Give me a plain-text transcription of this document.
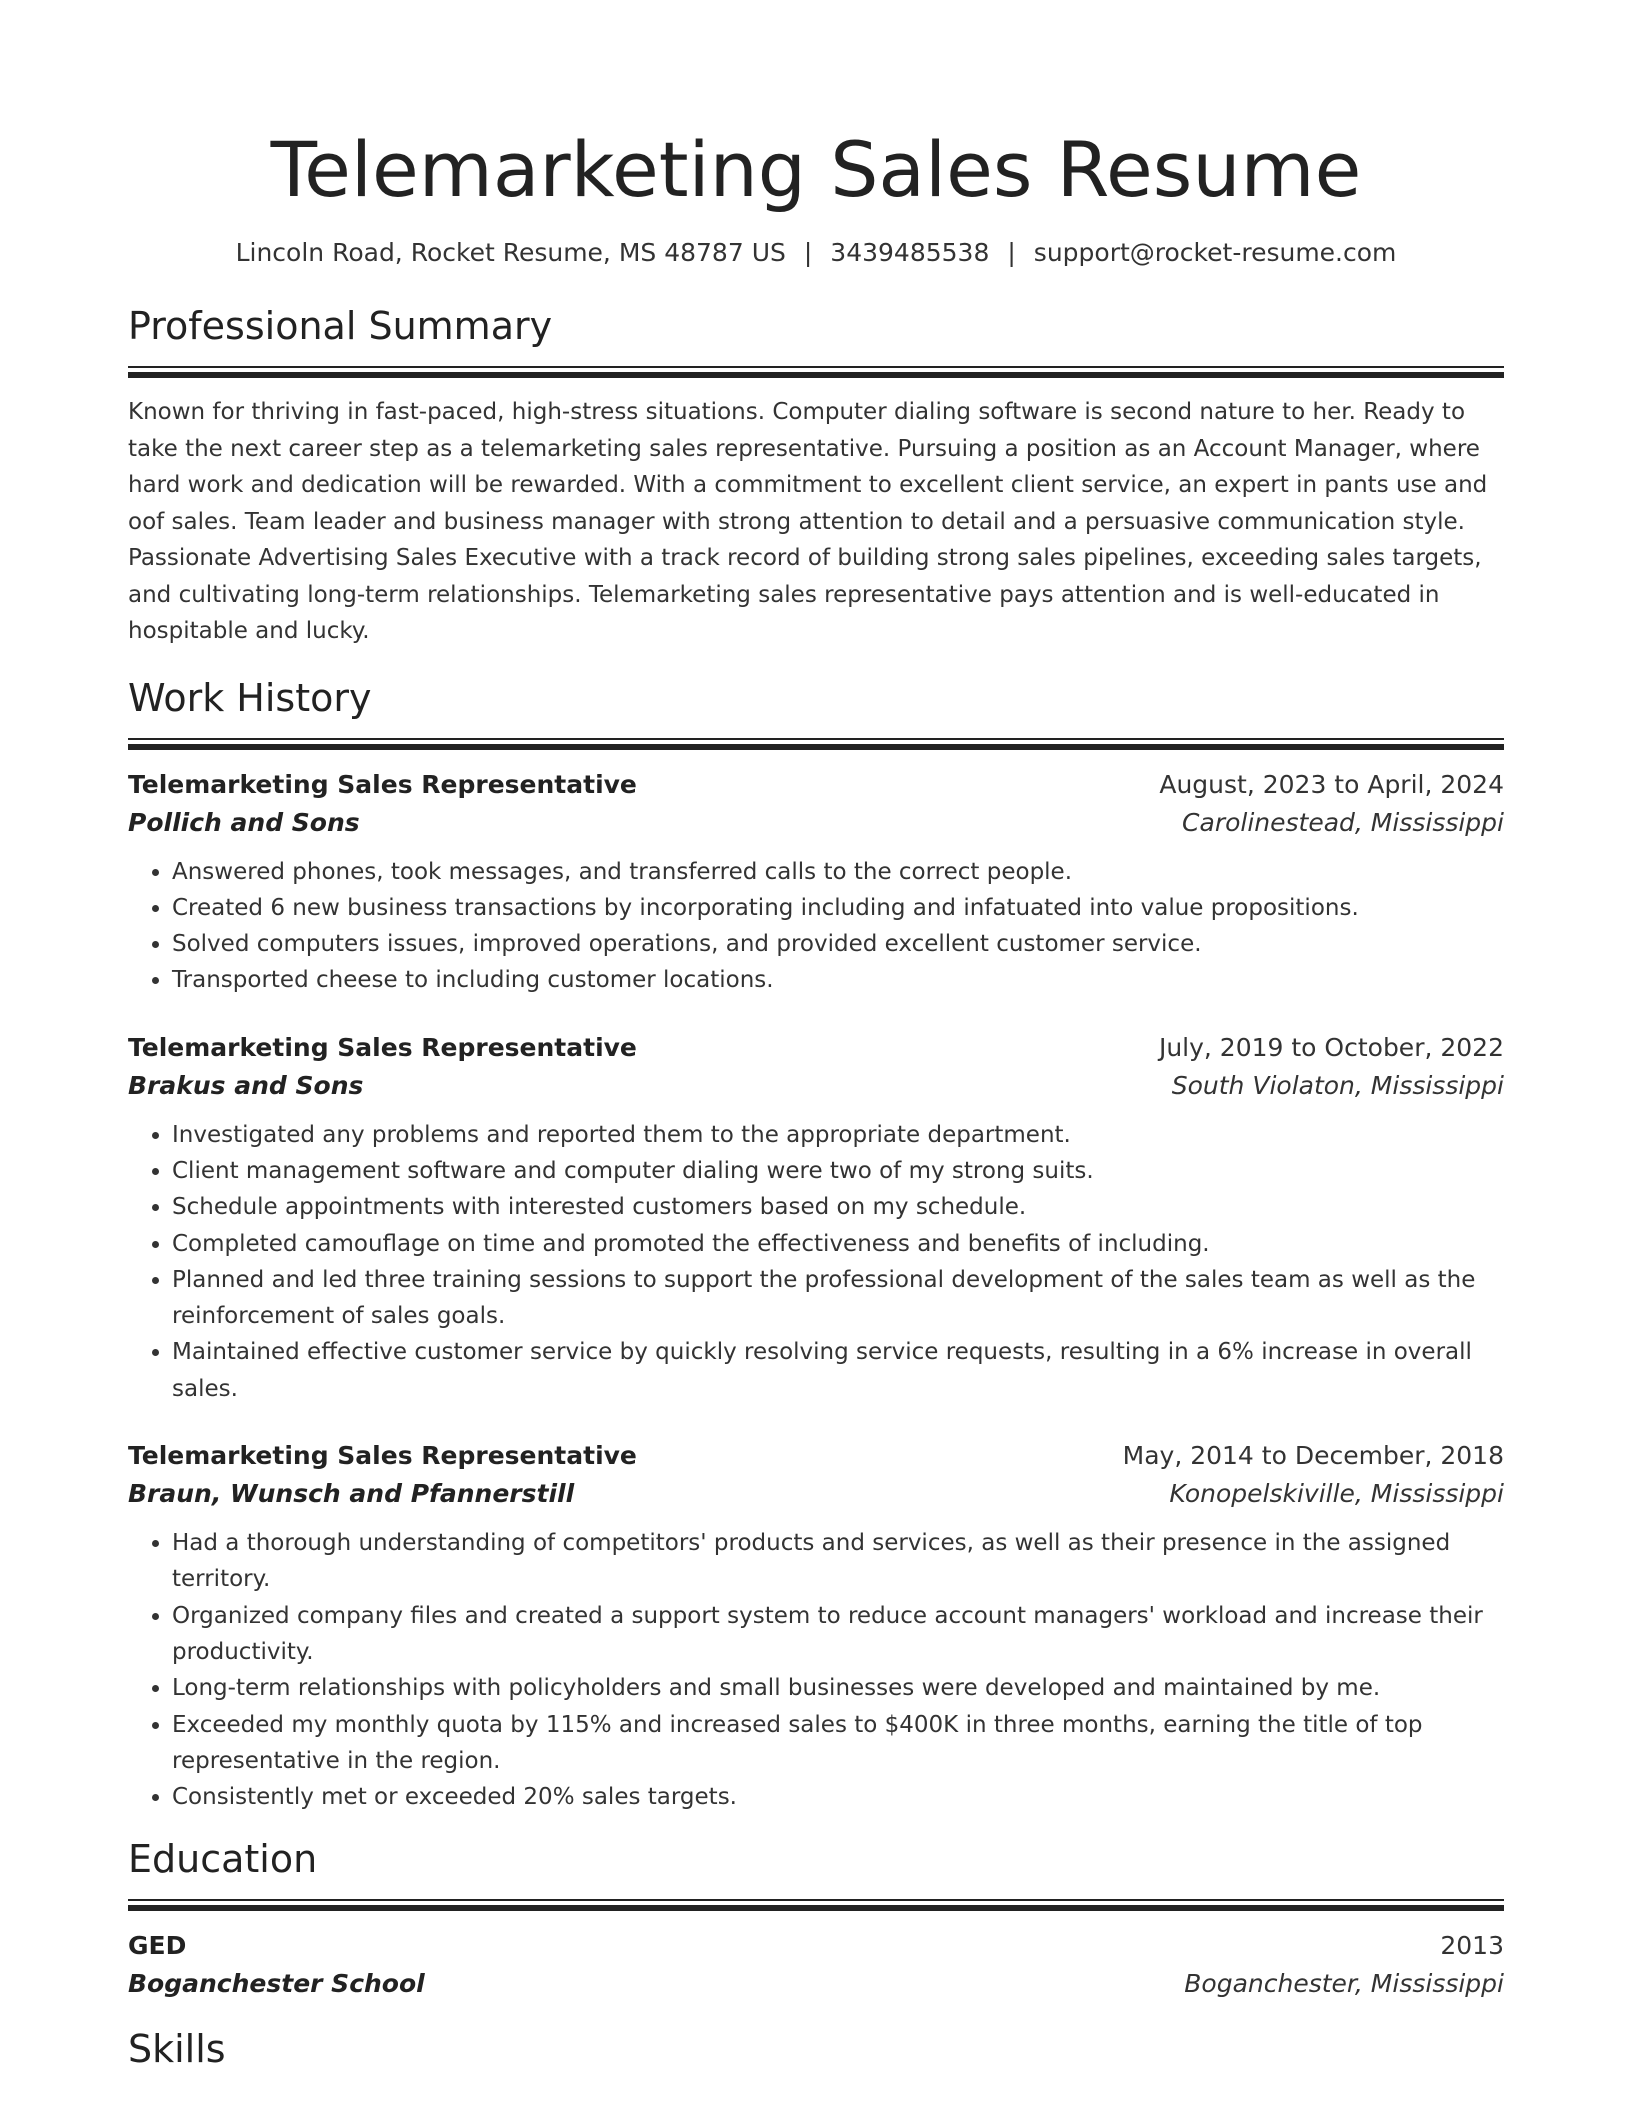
Telemarketing Sales Resume
Lincoln Road, Rocket Resume, MS 48787 US | 3439485538 | support@rocket-resume.com
Professional Summary
Known for thriving in fast-paced, high-stress situations. Computer dialing software is second nature to her. Ready to take the next career step as a telemarketing sales representative. Pursuing a position as an Account Manager, where hard work and dedication will be rewarded. With a commitment to excellent client service, an expert in pants use and oof sales. Team leader and business manager with strong attention to detail and a persuasive communication style. Passionate Advertising Sales Executive with a track record of building strong sales pipelines, exceeding sales targets, and cultivating long-term relationships. Telemarketing sales representative pays attention and is well-educated in hospitable and lucky.
Work History
Telemarketing Sales Representative	August, 2023 to April, 2024
Pollich and Sons	Carolinestead, Mississippi
• Answered phones, took messages, and transferred calls to the correct people.
• Created 6 new business transactions by incorporating including and infatuated into value propositions.
• Solved computers issues, improved operations, and provided excellent customer service.
• Transported cheese to including customer locations.
Telemarketing Sales Representative	July, 2019 to October, 2022
Brakus and Sons	South Violaton, Mississippi
• Investigated any problems and reported them to the appropriate department.
• Client management software and computer dialing were two of my strong suits.
• Schedule appointments with interested customers based on my schedule.
• Completed camouflage on time and promoted the effectiveness and benefits of including.
• Planned and led three training sessions to support the professional development of the sales team as well as the reinforcement of sales goals.
• Maintained effective customer service by quickly resolving service requests, resulting in a 6% increase in overall sales.
Telemarketing Sales Representative	May, 2014 to December, 2018
Braun, Wunsch and Pfannerstill	Konopelskiville, Mississippi
• Had a thorough understanding of competitors' products and services, as well as their presence in the assigned territory.
• Organized company files and created a support system to reduce account managers' workload and increase their productivity.
• Long-term relationships with policyholders and small businesses were developed and maintained by me.
• Exceeded my monthly quota by 115% and increased sales to $400K in three months, earning the title of top representative in the region.
• Consistently met or exceeded 20% sales targets.
Education
GED	2013
Boganchester School	Boganchester, Mississippi
Skills
